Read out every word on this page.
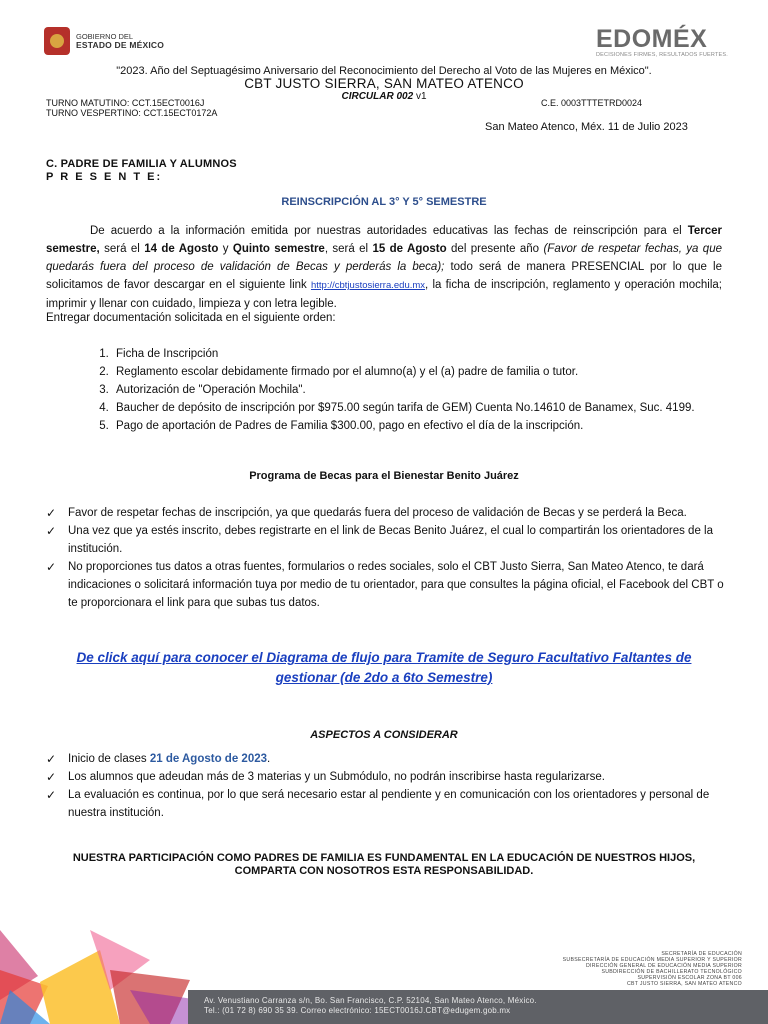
GOBIERNO DEL
ESTADO DE MÉXICO	EDOMÉX
DECISIONES FIRMES, RESULTADOS FUERTES.
"2023. Año del Septuagésimo Aniversario del Reconocimiento del Derecho al Voto de las Mujeres en México".
CBT JUSTO SIERRA, SAN MATEO ATENCO
CIRCULAR 002 v1
TURNO MATUTINO: CCT.15ECT0016J
TURNO VESPERTINO: CCT.15ECT0172A
C.E. 0003TTTETRD0024
San Mateo Atenco, Méx. 11 de Julio 2023
C. PADRE DE FAMILIA Y ALUMNOS
P R E S E N T E:
REINSCRIPCIÓN AL 3° Y 5° SEMESTRE
De acuerdo a la información emitida por nuestras autoridades educativas las fechas de reinscripción para el Tercer semestre, será el 14 de Agosto y Quinto semestre, será el 15 de Agosto del presente año (Favor de respetar fechas, ya que quedarás fuera del proceso de validación de Becas y perderás la beca); todo será de manera PRESENCIAL por lo que le solicitamos de favor descargar en el siguiente link http://cbtjustosierra.edu.mx, la ficha de inscripción, reglamento y operación mochila; imprimir y llenar con cuidado, limpieza y con letra legible.
Entregar documentación solicitada en el siguiente orden:
1. Ficha de Inscripción
2. Reglamento escolar debidamente firmado por el alumno(a) y el (a) padre de familia o tutor.
3. Autorización de "Operación Mochila".
4. Baucher de depósito de inscripción por $975.00 según tarifa de GEM) Cuenta No.14610 de Banamex, Suc. 4199.
5. Pago de aportación de Padres de Familia $300.00, pago en efectivo el día de la inscripción.
Programa de Becas para el Bienestar Benito Juárez
✓	Favor de respetar fechas de inscripción, ya que quedarás fuera del proceso de validación de Becas y se perderá la Beca.
✓	Una vez que ya estés inscrito, debes registrarte en el link de Becas Benito Juárez, el cual lo compartirán los orientadores de la institución.
✓	No proporciones tus datos a otras fuentes, formularios o redes sociales, solo el CBT Justo Sierra, San Mateo Atenco, te dará indicaciones o solicitará información tuya por medio de tu orientador, para que consultes la página oficial, el Facebook del CBT o te proporcionara el link para que subas tus datos.
De click aquí para conocer el Diagrama de flujo para Tramite de Seguro Facultativo Faltantes de gestionar (de 2do a 6to Semestre)
ASPECTOS A CONSIDERAR
✓	Inicio de clases 21 de Agosto de 2023.
✓	Los alumnos que adeudan más de 3 materias y un Submódulo, no podrán inscribirse hasta regularizarse.
✓	La evaluación es continua, por lo que será necesario estar al pendiente y en comunicación con los orientadores y personal de nuestra institución.
NUESTRA PARTICIPACIÓN COMO PADRES DE FAMILIA ES FUNDAMENTAL EN LA EDUCACIÓN DE NUESTROS HIJOS, COMPARTA CON NOSOTROS ESTA RESPONSABILIDAD.
SECRETARÍA DE EDUCACIÓN
SUBSECRETARÍA DE EDUCACIÓN MEDIA SUPERIOR Y SUPERIOR
DIRECCIÓN GENERAL DE EDUCACIÓN MEDIA SUPERIOR
SUBDIRECCIÓN DE BACHILLERATO TECNOLÓGICO
SUPERVISIÓN ESCOLAR ZONA BT 006
CBT JUSTO SIERRA, SAN MATEO ATENCO
Av. Venustiano Carranza s/n, Bo. San Francisco, C.P. 52104, San Mateo Atenco, México.
Tel.: (01 72 8) 690 35 39. Correo electrónico: 15ECT0016J.CBT@edugem.gob.mx
